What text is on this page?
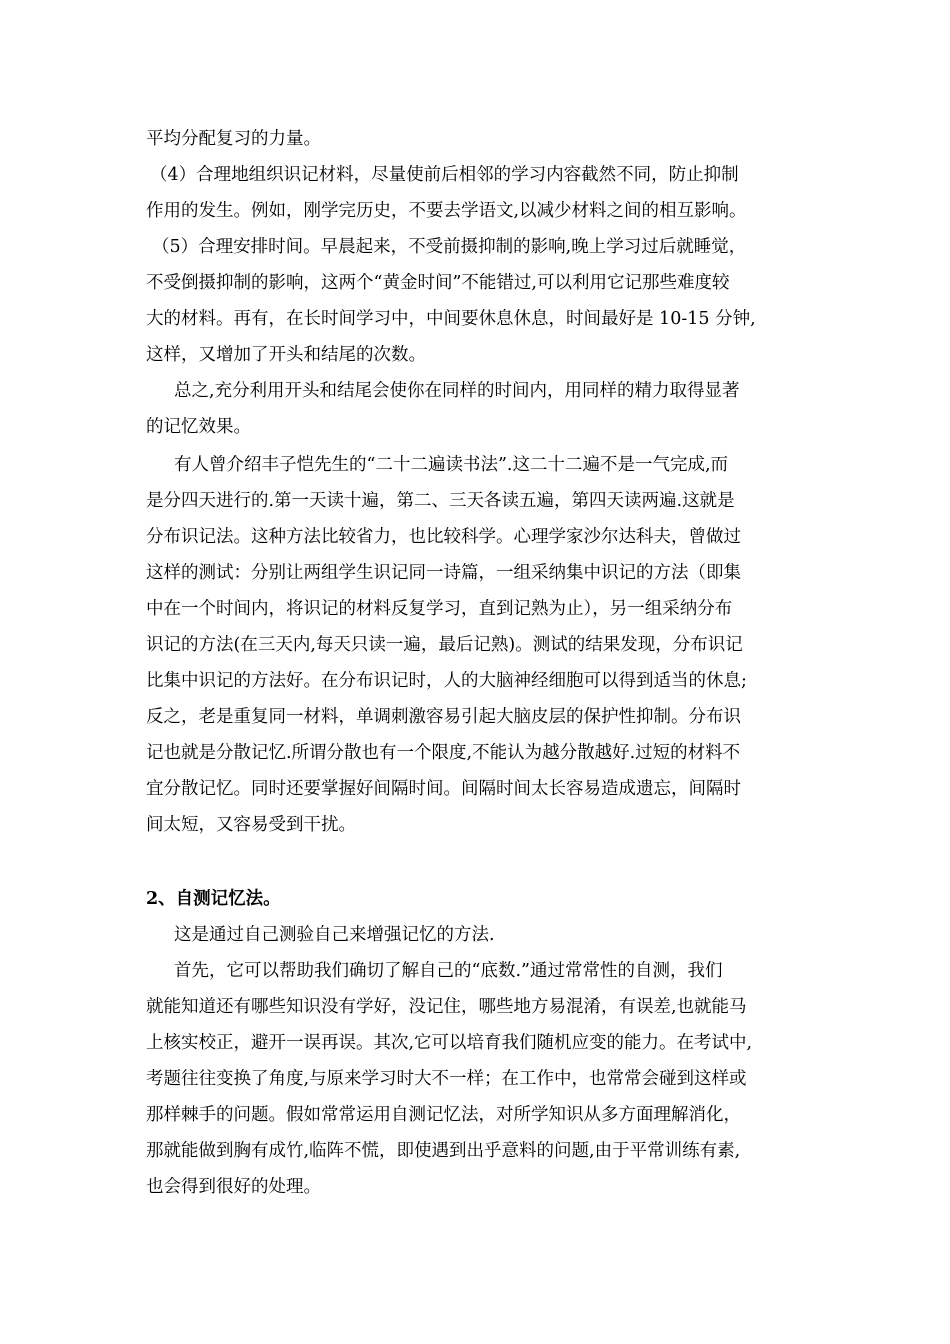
平均分配复习的力量。
（4）合理地组织识记材料，尽量使前后相邻的学习内容截然不同，防止抑制
作用的发生。例如，刚学完历史，不要去学语文,以减少材料之间的相互影响。
（5）合理安排时间。早晨起来，不受前摄抑制的影响,晚上学习过后就睡觉，
不受倒摄抑制的影响，这两个“黄金时间”不能错过,可以利用它记那些难度较
大的材料。再有，在长时间学习中，中间要休息休息，时间最好是 10-15 分钟,
这样，又增加了开头和结尾的次数。
总之,充分利用开头和结尾会使你在同样的时间内，用同样的精力取得显著
的记忆效果。
有人曾介绍丰子恺先生的“二十二遍读书法”.这二十二遍不是一气完成,而
是分四天进行的.第一天读十遍，第二、三天各读五遍，第四天读两遍.这就是
分布识记法。这种方法比较省力，也比较科学。心理学家沙尔达科夫，曾做过
这样的测试：分别让两组学生识记同一诗篇，一组采纳集中识记的方法（即集
中在一个时间内，将识记的材料反复学习，直到记熟为止），另一组采纳分布
识记的方法(在三天内,每天只读一遍，最后记熟)。测试的结果发现，分布识记
比集中识记的方法好。在分布识记时，人的大脑神经细胞可以得到适当的休息;
反之，老是重复同一材料，单调刺激容易引起大脑皮层的保护性抑制。分布识
记也就是分散记忆.所谓分散也有一个限度,不能认为越分散越好.过短的材料不
宜分散记忆。同时还要掌握好间隔时间。间隔时间太长容易造成遗忘，间隔时
间太短，又容易受到干扰。
2、自测记忆法。
这是通过自己测验自己来增强记忆的方法.
首先，它可以帮助我们确切了解自己的“底数.”通过常常性的自测，我们
就能知道还有哪些知识没有学好，没记住，哪些地方易混淆，有误差,也就能马
上核实校正，避开一误再误。其次,它可以培育我们随机应变的能力。在考试中,
考题往往变换了角度,与原来学习时大不一样；在工作中，也常常会碰到这样或
那样棘手的问题。假如常常运用自测记忆法，对所学知识从多方面理解消化，
那就能做到胸有成竹,临阵不慌，即使遇到出乎意料的问题,由于平常训练有素,
也会得到很好的处理。
